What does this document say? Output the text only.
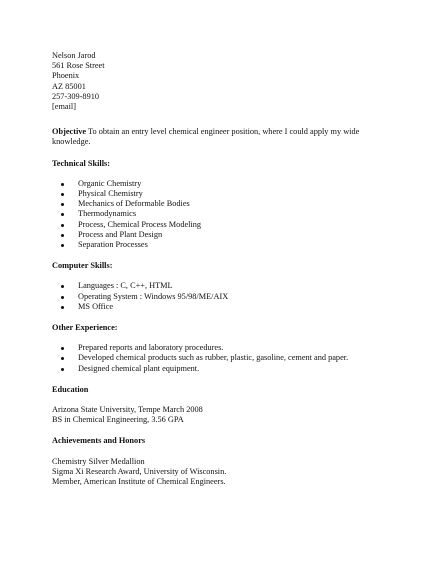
Nelson Jarod
561 Rose Street
Phoenix
AZ 85001
257-309-8910
[email]
Objective To obtain an entry level chemical engineer position, where I could apply my wide knowledge.
Technical Skills:
Organic Chemistry
Physical Chemistry
Mechanics of Deformable Bodies
Thermodynamics
Process, Chemical Process Modeling
Process and Plant Design
Separation Processes
Computer Skills:
Languages : C, C++, HTML
Operating System : Windows 95/98/ME/AIX
MS Office
Other Experience:
Prepared reports and laboratory procedures.
Developed chemical products such as rubber, plastic, gasoline, cement and paper.
Designed chemical plant equipment.
Education
Arizona State University, Tempe March 2008
BS in Chemical Engineering, 3.56 GPA
Achievements and Honors
Chemistry Silver Medallion
Sigma Xi Research Award, University of Wisconsin.
Member, American Institute of Chemical Engineers.
